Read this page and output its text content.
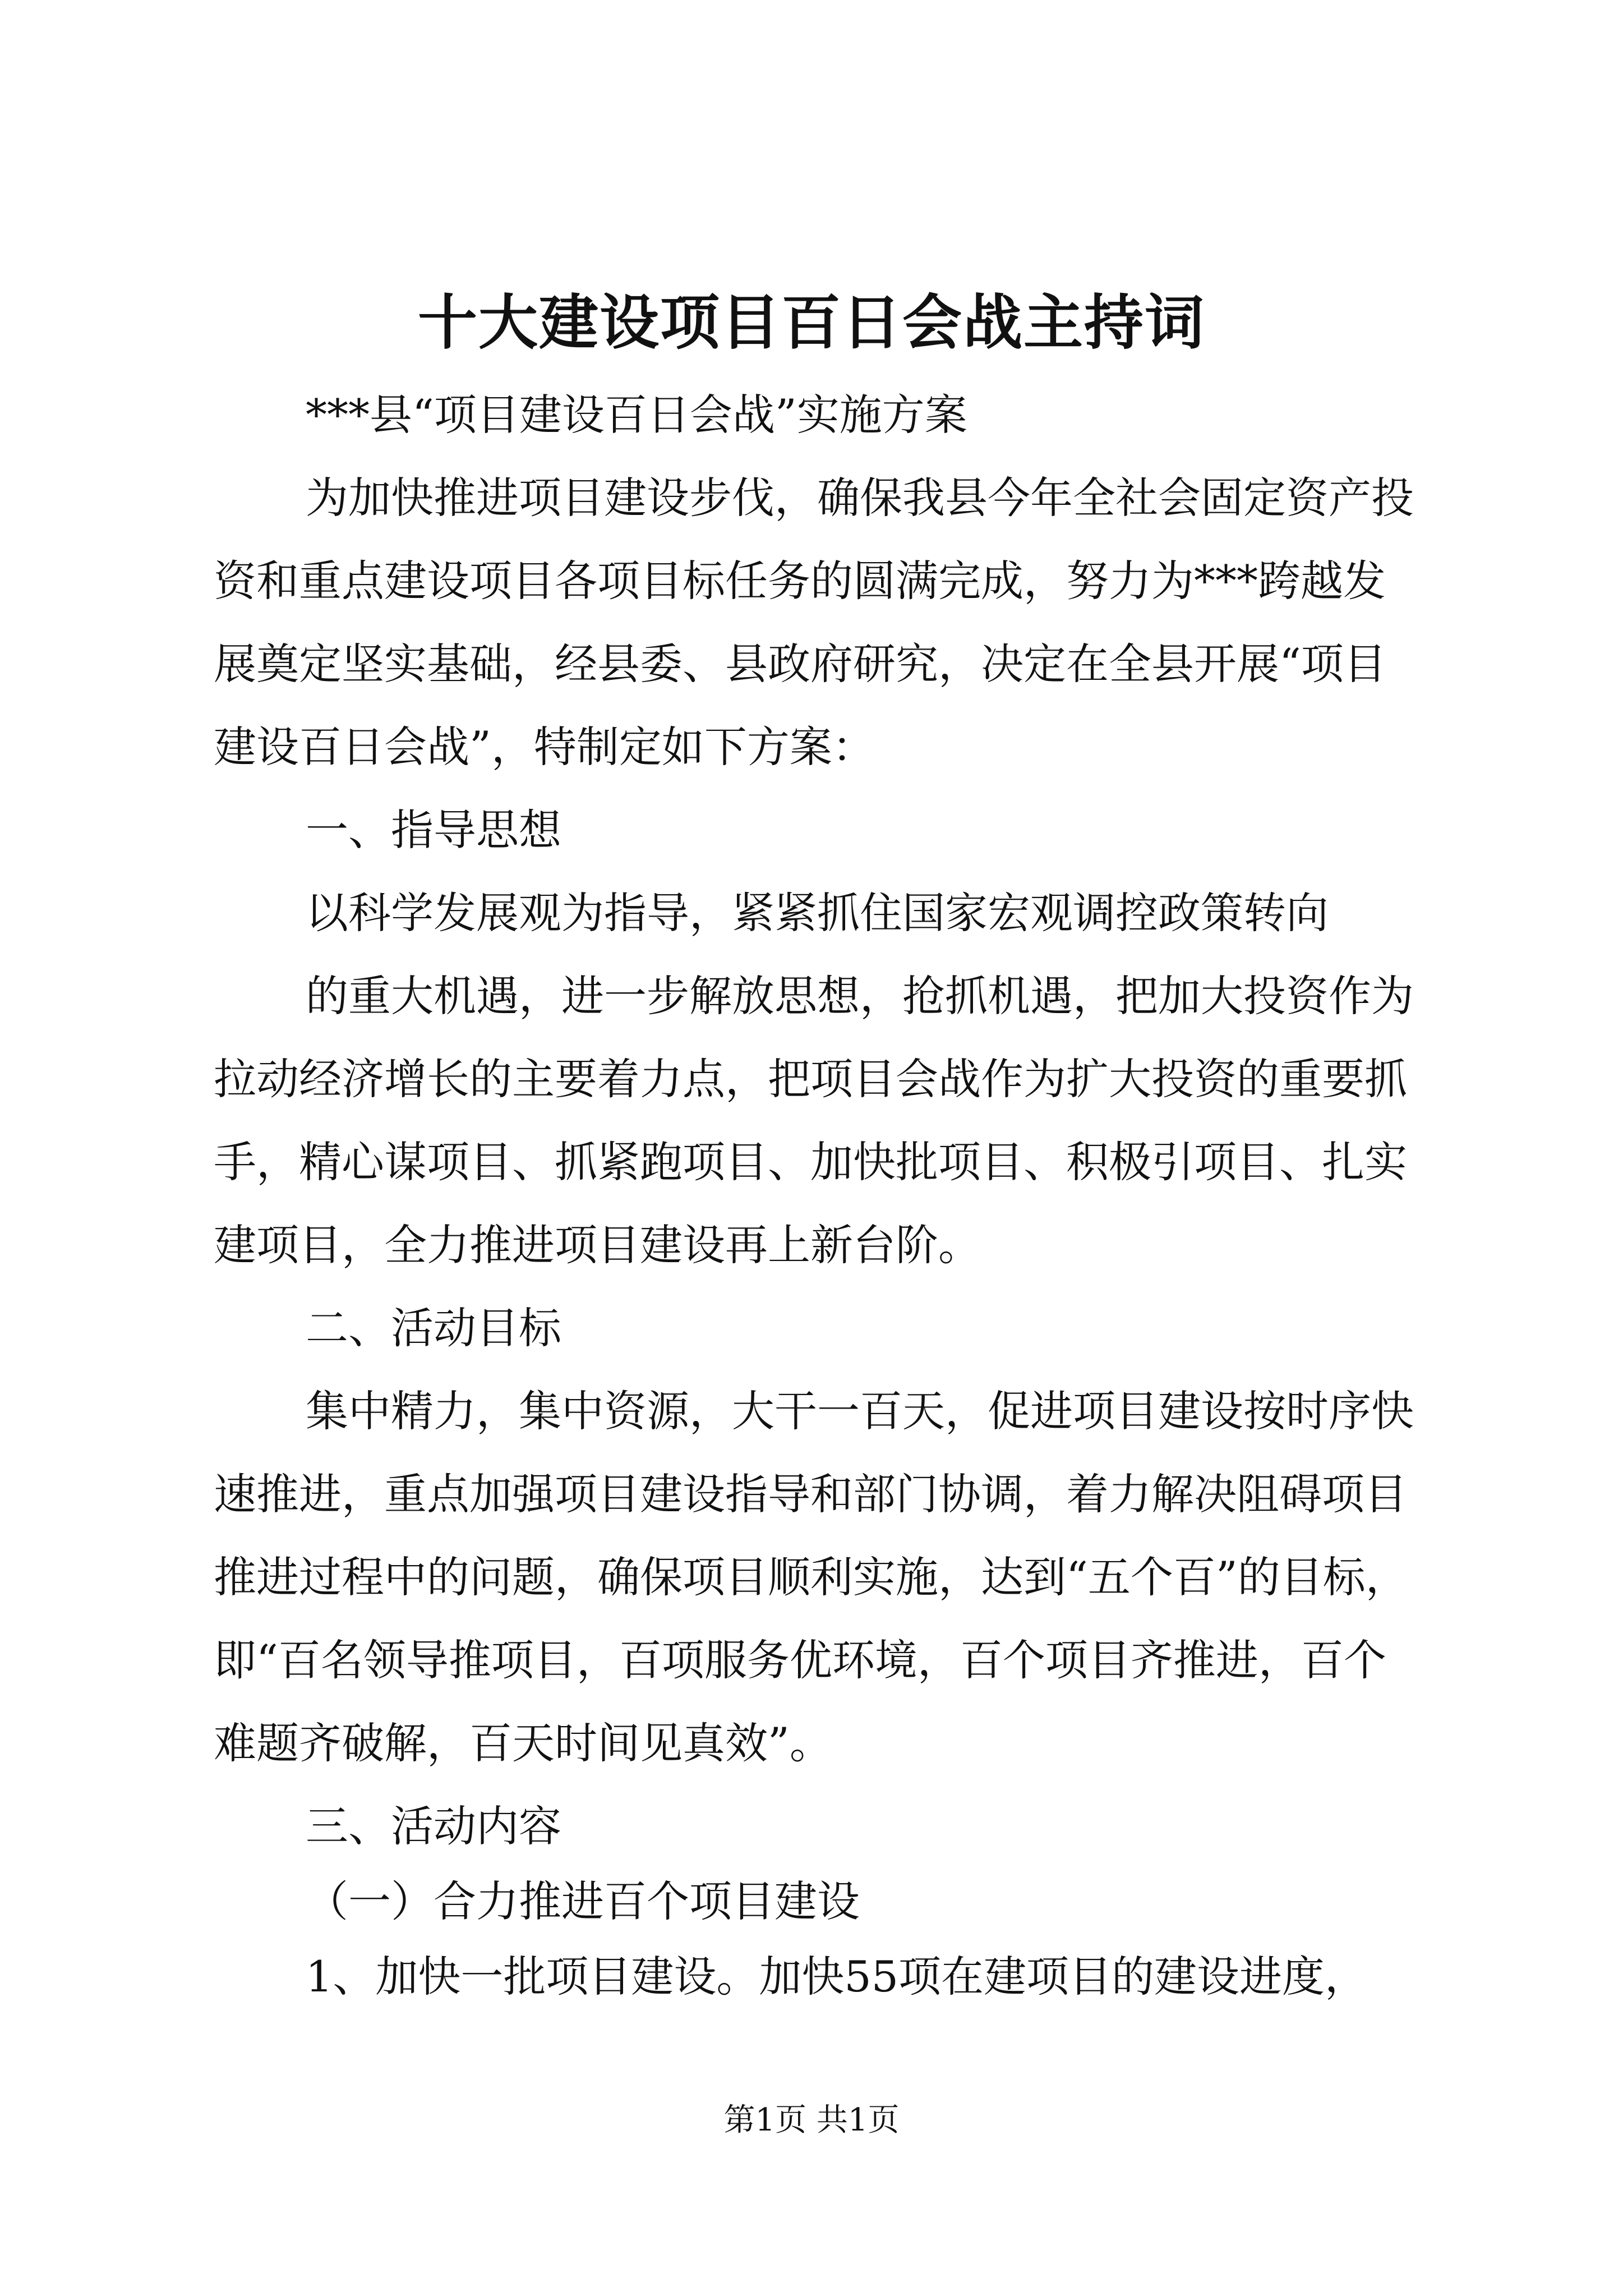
十大建设项目百日会战主持词
***县“项目建设百日会战”实施方案
为加快推进项目建设步伐，确保我县今年全社会固定资产投
资和重点建设项目各项目标任务的圆满完成，努力为***跨越发
展奠定坚实基础，经县委、县政府研究，决定在全县开展“项目
建设百日会战”，特制定如下方案：
一、指导思想
以科学发展观为指导，紧紧抓住国家宏观调控政策转向
的重大机遇，进一步解放思想，抢抓机遇，把加大投资作为
拉动经济增长的主要着力点，把项目会战作为扩大投资的重要抓
手，精心谋项目、抓紧跑项目、加快批项目、积极引项目、扎实
建项目，全力推进项目建设再上新台阶。
二、活动目标
集中精力，集中资源，大干一百天，促进项目建设按时序快
速推进，重点加强项目建设指导和部门协调，着力解决阻碍项目
推进过程中的问题，确保项目顺利实施，达到“五个百”的目标，
即“百名领导推项目，百项服务优环境，百个项目齐推进，百个
难题齐破解，百天时间见真效”。
三、活动内容
（一）合力推进百个项目建设
1、加快一批项目建设。加快55项在建项目的建设进度，
第1页 共1页
